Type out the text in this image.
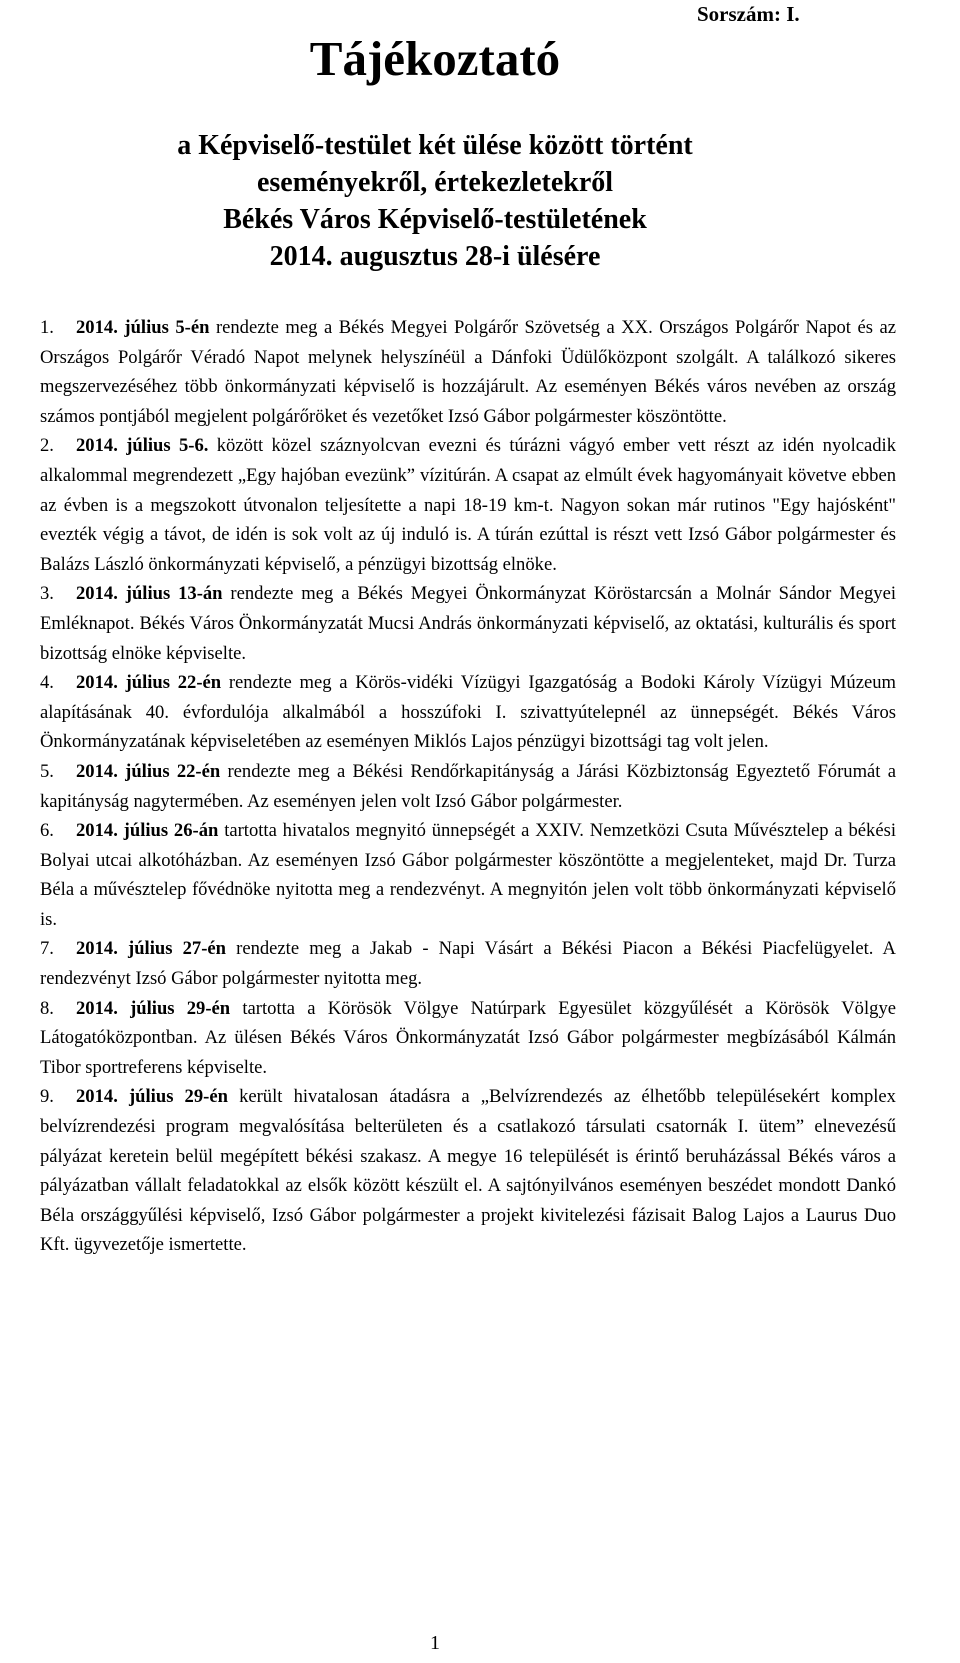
Sorszám: I.
Tájékoztató
a Képviselő-testület két ülése között történt
eseményekről, értekezletekről
Békés Város Képviselő-testületének
2014. augusztus 28-i ülésére
1. 2014. július 5-én rendezte meg a Békés Megyei Polgárőr Szövetség a XX. Országos Polgárőr Napot és az Országos Polgárőr Véradó Napot melynek helyszínéül a Dánfoki Üdülőközpont szolgált. A találkozó sikeres megszervezéséhez több önkormányzati képviselő is hozzájárult. Az eseményen Békés város nevében az ország számos pontjából megjelent polgárőröket és vezetőket Izsó Gábor polgármester köszöntötte.
2. 2014. július 5-6. között közel száznyolcvan evezni és túrázni vágyó ember vett részt az idén nyolcadik alkalommal megrendezett „Egy hajóban evezünk” vízitúrán. A csapat az elmúlt évek hagyományait követve ebben az évben is a megszokott útvonalon teljesítette a napi 18-19 km-t. Nagyon sokan már rutinos "Egy hajósként" evezték végig a távot, de idén is sok volt az új induló is. A túrán ezúttal is részt vett Izsó Gábor polgármester és Balázs László önkormányzati képviselő, a pénzügyi bizottság elnöke.
3. 2014. július 13-án rendezte meg a Békés Megyei Önkormányzat Köröstarcsán a Molnár Sándor Megyei Emléknapot. Békés Város Önkormányzatát Mucsi András önkormányzati képviselő, az oktatási, kulturális és sport bizottság elnöke képviselte.
4. 2014. július 22-én rendezte meg a Körös-vidéki Vízügyi Igazgatóság a Bodoki Károly Vízügyi Múzeum alapításának 40. évfordulója alkalmából a hosszúfoki I. szivattyútelepnél az ünnepségét. Békés Város Önkormányzatának képviseletében az eseményen Miklós Lajos pénzügyi bizottsági tag volt jelen.
5. 2014. július 22-én rendezte meg a Békési Rendőrkapitányság a Járási Közbiztonság Egyeztető Fórumát a kapitányság nagytermében. Az eseményen jelen volt Izsó Gábor polgármester.
6. 2014. július 26-án tartotta hivatalos megnyitó ünnepségét a XXIV. Nemzetközi Csuta Művésztelep a békési Bolyai utcai alkotóházban. Az eseményen Izsó Gábor polgármester köszöntötte a megjelenteket, majd Dr. Turza Béla a művésztelep fővédnöke nyitotta meg a rendezvényt. A megnyitón jelen volt több önkormányzati képviselő is.
7. 2014. július 27-én rendezte meg a Jakab - Napi Vásárt a Békési Piacon a Békési Piacfelügyelet. A rendezvényt Izsó Gábor polgármester nyitotta meg.
8. 2014. július 29-én tartotta a Körösök Völgye Natúrpark Egyesület közgyűlését a Körösök Völgye Látogatóközpontban. Az ülésen Békés Város Önkormányzatát Izsó Gábor polgármester megbízásából Kálmán Tibor sportreferens képviselte.
9. 2014. július 29-én került hivatalosan átadásra a „Belvízrendezés az élhetőbb településekért komplex belvízrendezési program megvalósítása belterületen és a csatlakozó társulati csatornák I. ütem” elnevezésű pályázat keretein belül megépített békési szakasz. A megye 16 települését is érintő beruházással Békés város a pályázatban vállalt feladatokkal az elsők között készült el. A sajtónyilvános eseményen beszédet mondott Dankó Béla országgyűlési képviselő, Izsó Gábor polgármester a projekt kivitelezési fázisait Balog Lajos a Laurus Duo Kft. ügyvezetője ismertette.
1
